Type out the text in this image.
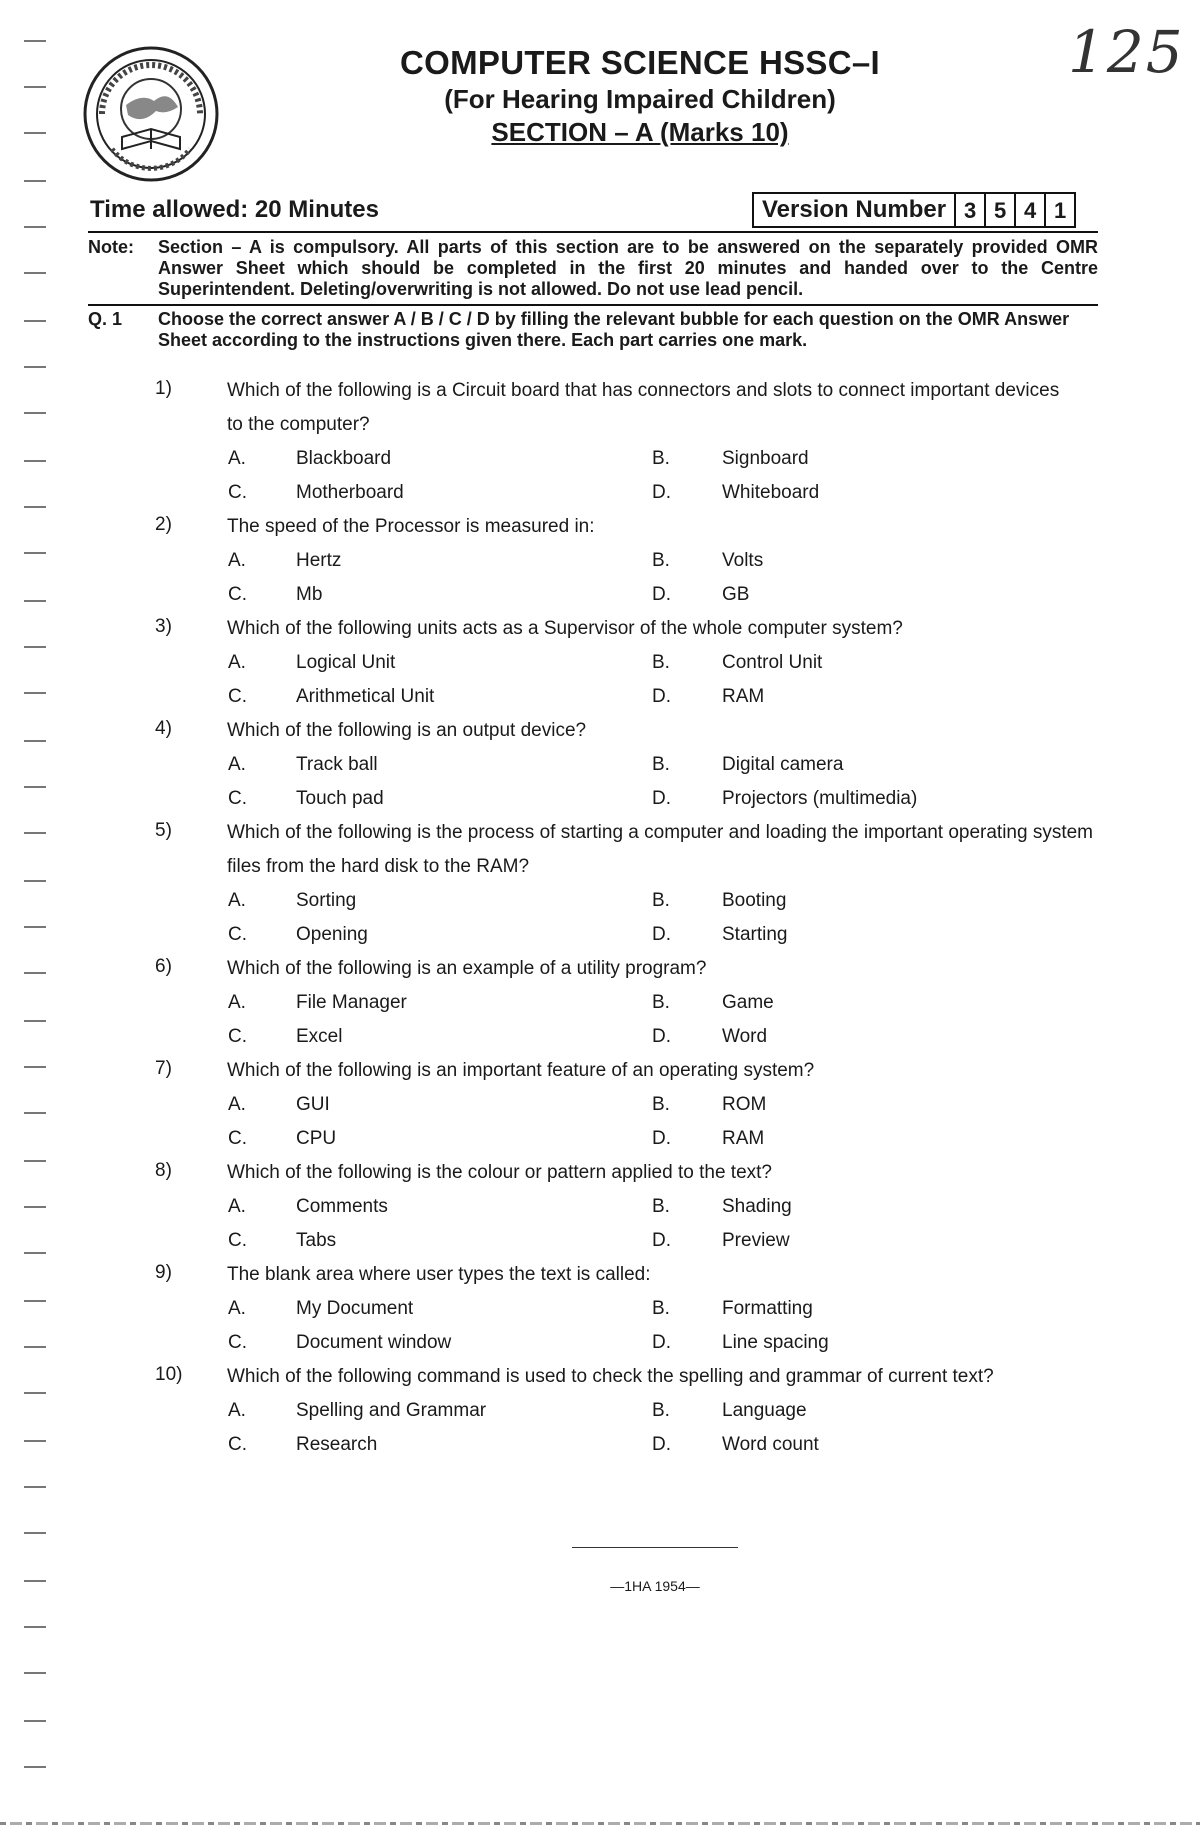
125
COMPUTER SCIENCE HSSC–I
(For Hearing Impaired Children)
SECTION – A (Marks 10)
Time allowed: 20 Minutes	Version Number 3 5 4 1
Note: Section – A is compulsory. All parts of this section are to be answered on the separately provided OMR Answer Sheet which should be completed in the first 20 minutes and handed over to the Centre Superintendent. Deleting/overwriting is not allowed. Do not use lead pencil.
Q. 1 Choose the correct answer A / B / C / D by filling the relevant bubble for each question on the OMR Answer Sheet according to the instructions given there. Each part carries one mark.
1)	Which of the following is a Circuit board that has connectors and slots to connect important devices
to the computer?
A.	Blackboard	B.	Signboard
C.	Motherboard	D.	Whiteboard
2)	The speed of the Processor is measured in:
A.	Hertz	B.	Volts
C.	Mb	D.	GB
3)	Which of the following units acts as a Supervisor of the whole computer system?
A.	Logical Unit	B.	Control Unit
C.	Arithmetical Unit	D.	RAM
4)	Which of the following is an output device?
A.	Track ball	B.	Digital camera
C.	Touch pad	D.	Projectors (multimedia)
5)	Which of the following is the process of starting a computer and loading the important operating system
files from the hard disk to the RAM?
A.	Sorting	B.	Booting
C.	Opening	D.	Starting
6)	Which of the following is an example of a utility program?
A.	File Manager	B.	Game
C.	Excel	D.	Word
7)	Which of the following is an important feature of an operating system?
A.	GUI	B.	ROM
C.	CPU	D.	RAM
8)	Which of the following is the colour or pattern applied to the text?
A.	Comments	B.	Shading
C.	Tabs	D.	Preview
9)	The blank area where user types the text is called:
A.	My Document	B.	Formatting
C.	Document window	D.	Line spacing
10) Which of the following command is used to check the spelling and grammar of current text?
A.	Spelling and Grammar	B.	Language
C.	Research	D.	Word count
—1HA 1954—
